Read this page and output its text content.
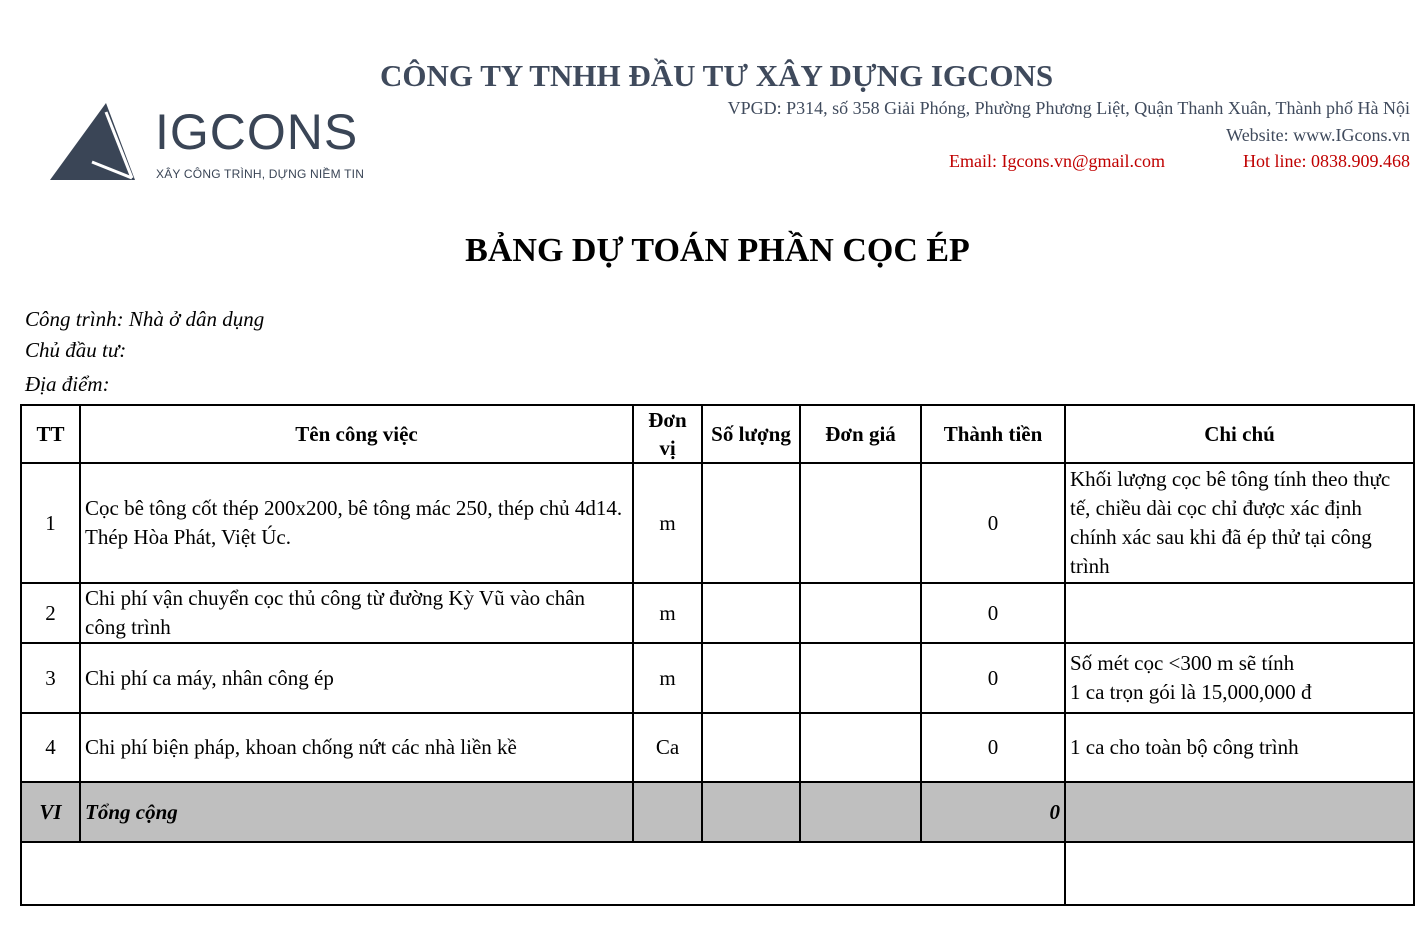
IGCONS
XÂY CÔNG TRÌNH, DỰNG NIỀM TIN
CÔNG TY TNHH ĐẦU TƯ XÂY DỰNG IGCONS
VPGD: P314, số 358 Giải Phóng, Phường Phương Liệt, Quận Thanh Xuân, Thành phố Hà Nội
Website: www.IGcons.vn
Email: Igcons.vn@gmail.com	Hot line: 0838.909.468
BẢNG DỰ TOÁN PHẦN CỌC ÉP
Công trình: Nhà ở dân dụng
Chủ đầu tư:
Địa điểm:
TT	Tên công việc	Đơn vị	Số lượng	Đơn giá	Thành tiền	Chi chú
1	Cọc bê tông cốt thép 200x200, bê tông mác 250, thép chủ 4d14. Thép Hòa Phát, Việt Úc.	m			0	Khối lượng cọc bê tông tính theo thực tế, chiều dài cọc chỉ được xác định chính xác sau khi đã ép thử tại công trình
2	Chi phí vận chuyển cọc thủ công từ đường Kỳ Vũ vào chân công trình	m			0	
3	Chi phí ca máy, nhân công ép	m			0	Số mét cọc <300 m sẽ tính
1 ca trọn gói là 15,000,000 đ

4	Chi phí biện pháp, khoan chống nứt các nhà liền kề	Ca			0	1 ca cho toàn bộ công trình
VI	Tổng cộng				0	
